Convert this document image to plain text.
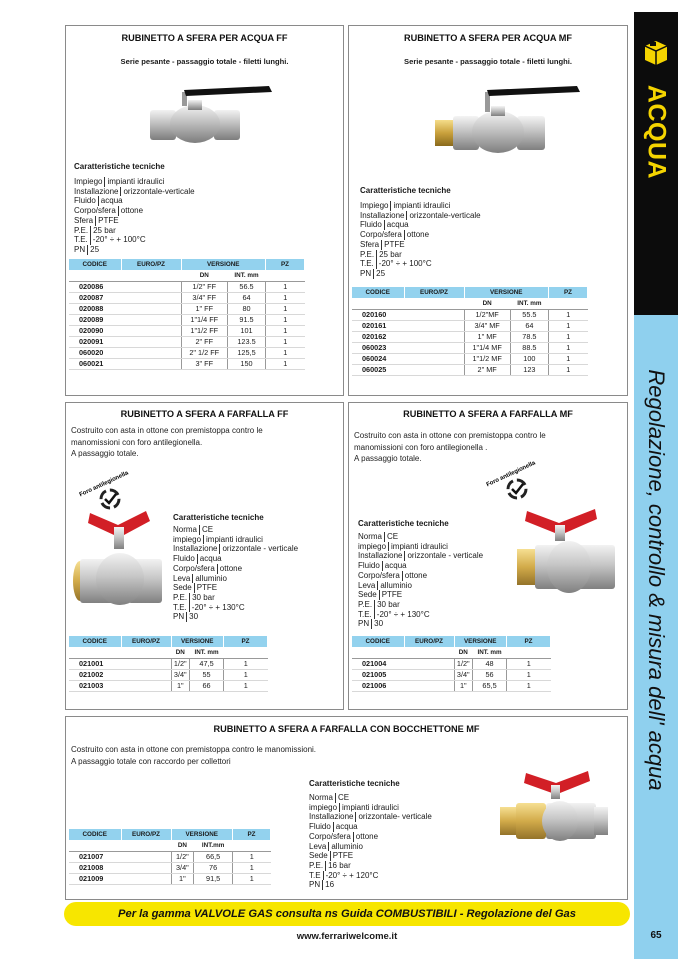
ACQUA
Regolazione, controllo & misura dell' acqua
65
RUBINETTO A SFERA PER ACQUA FF
Serie pesante - passaggio totale - filetti lunghi.
Caratteristiche tecniche
Impiego impianti idraulici
Installazione orizzontale-verticale
Fluido acqua
Corpo/sfera ottone
Sfera PTFE
P.E. 25 bar
T.E. -20° ÷ + 100°C
PN 25
CODICE	EURO/PZ	VERSIONE		PZ
		DN	INT. mm	
020086		1/2" FF	56.5	1
020087		3/4" FF	64	1
020088		1" FF	80	1
020089		1"1/4 FF	91.5	1
020090		1"1/2 FF	101	1
020091		2" FF	123.5	1
060020		2" 1/2 FF	125,5	1
060021		3" FF	150	1
RUBINETTO A SFERA PER ACQUA MF
Serie pesante - passaggio totale - filetti lunghi.
Caratteristiche tecniche
Impiego impianti idraulici
Installazione orizzontale-verticale
Fluido acqua
Corpo/sfera ottone
Sfera PTFE
P.E. 25 bar
T.E. -20° ÷ + 100°C
PN 25
CODICE	EURO/PZ	VERSIONE		PZ
		DN	INT. mm	
020160		1/2"MF	55.5	1
020161		3/4" MF	64	1
020162		1" MF	78.5	1
060023		1"1/4 MF	88.5	1
060024		1"1/2 MF	100	1
060025		2" MF	123	1
RUBINETTO A SFERA A FARFALLA FF
Costruito con asta in ottone con premistoppa contro le
manomissioni con foro antilegionella.
A passaggio totale.
Foro antilegionella
Caratteristiche tecniche
Norma CE
impiego impianti idraulici
Installazione orizzontale - verticale
Fluido acqua
Corpo/sfera ottone
Leva alluminio
Sede PTFE
P.E. 30 bar
T.E. -20° ÷ + 130°C
PN 30
CODICE	EURO/PZ	VERSIONE		PZ
		DN	INT. mm	
021001		1/2"	47,5	1
021002		3/4"	55	1
021003		1"	66	1
RUBINETTO A SFERA A FARFALLA MF
Costruito con asta in ottone con premistoppa contro le
manomissioni con foro antilegionella .
A passaggio totale.
Foro antilegionella
Caratteristiche tecniche
Norma CE
impiego impianti idraulici
Installazione orizzontale - verticale
Fluido acqua
Corpo/sfera ottone
Leva alluminio
Sede PTFE
P.E. 30 bar
T.E. -20° ÷ + 130°C
PN 30
CODICE	EURO/PZ	VERSIONE		PZ
		DN	INT. mm	
021004		1/2"	48	1
021005		3/4"	56	1
021006		1"	65,5	1
RUBINETTO A SFERA A FARFALLA CON BOCCHETTONE MF
Costruito con asta in ottone con premistoppa contro le manomissioni.
A passaggio totale con raccordo per collettori
CODICE	EURO/PZ	VERSIONE		PZ
		DN	INT.mm	
021007		1/2"	66,5	1
021008		3/4"	76	1
021009		1"	91,5	1
Caratteristiche tecniche
Norma CE
impiego impianti idraulici
Installazione orizzontale- verticale
Fluido acqua
Corpo/sfera ottone
Leva alluminio
Sede PTFE
P.E. 16 bar
T.E -20° ÷ + 120°C
PN 16
Per la gamma VALVOLE GAS consulta ns Guida COMBUSTIBILI - Regolazione del Gas
www.ferrariwelcome.it
